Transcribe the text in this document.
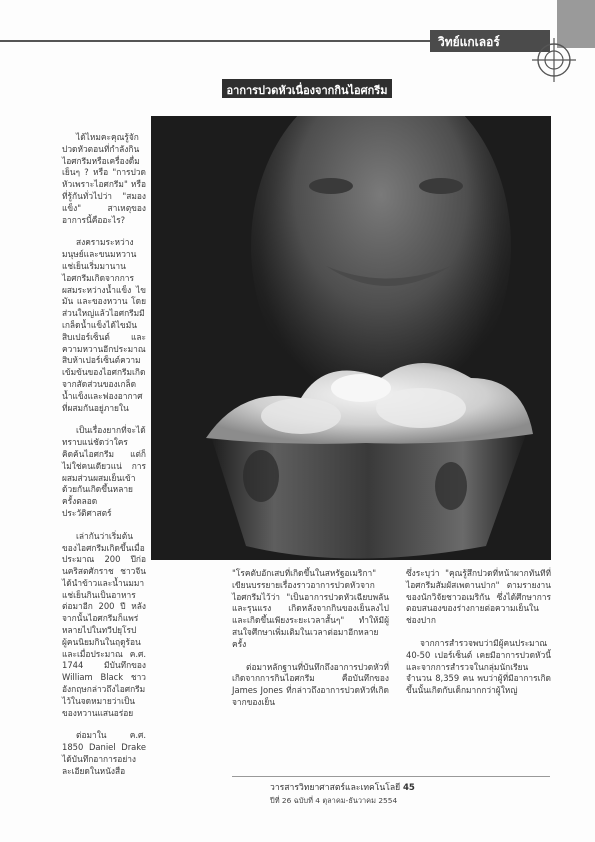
วิทย์แกเลอร์
อาการปวดหัวเนื่องจากกินไอศกรีม

ได้ไหมคะคุณรู้จักปวดหัวตอนที่กำลังกินไอศกรีมหรือเครื่องดื่มเย็นๆ ? หรือ "การปวดหัวเพราะไอศกรีม" หรือที่รู้กันทั่วไปว่า "สมองแข็ง" สาเหตุของอาการนี้คืออะไร?

สงครามระหว่างมนุษย์และขนมหวานแช่เย็นเริ่มมานาน ไอศกรีมเกิดจากการผสมระหว่างน้ำแข็ง ไขมัน และของหวาน โดยส่วนใหญ่แล้วไอศกรีมมีเกล็ดน้ำแข็งได้ไขมันสิบเปอร์เซ็นต์ และความหวานอีกประมาณสิบห้าเปอร์เซ็นต์ความเข้มข้นของไอศกรีมเกิดจากสัดส่วนของเกล็ดน้ำแข็งและฟองอากาศที่ผสมกันอยู่ภายใน

เป็นเรื่องยากที่จะได้ทราบแน่ชัดว่าใครคิดค้นไอศกรีม แต่ก็ไม่ใช่คนเดียวแน่ การผสมส่วนผสมเย็นเข้าด้วยกันเกิดขึ้นหลายครั้งตลอดประวัติศาสตร์

เล่ากันว่าเริ่มต้นของไอศกรีมเกิดขึ้นเมื่อประมาณ 200 ปีก่อนคริสตศักราช ชาวจีนได้นำข้าวและน้ำนมมาแช่เย็นกินเป็นอาหาร ต่อมาอีก 200 ปี หลังจากนั้นไอศกรีมก็แพร่หลายไปในทวีปยุโรป ผู้คนนิยมกินในฤดูร้อน และเมื่อประมาณ ค.ศ. 1744 มีบันทึกของ William Black ชาวอังกฤษกล่าวถึงไอศกรีมไว้ในจดหมายว่าเป็นของหวานแสนอร่อย

ต่อมาใน ค.ศ. 1850 Daniel Drake ได้บันทึกอาการอย่างละเอียดในหนังสือ

"โรคตับอักเสบที่เกิดขึ้นในสหรัฐอเมริกา" เขียนบรรยายเรื่องราวอาการปวดหัวจากไอศกรีมไว้ว่า "เป็นอาการปวดหัวเฉียบพลันและรุนแรง เกิดหลังจากกินของเย็นลงไป และเกิดขึ้นเพียงระยะเวลาสั้นๆ" ทำให้มีผู้สนใจศึกษาเพิ่มเติมในเวลาต่อมาอีกหลายครั้ง

ต่อมาหลักฐานที่บันทึกถึงอาการปวดหัวที่เกิดจากการกินไอศกรีม คือบันทึกของ James Jones ที่กล่าวถึงอาการปวดหัวที่เกิดจากของเย็น

ซึ่งระบุว่า "คุณรู้สึกปวดที่หน้าผากทันทีที่ไอศกรีมสัมผัสเพดานปาก" ตามรายงานของนักวิจัยชาวอเมริกัน ซึ่งได้ศึกษาการตอบสนองของร่างกายต่อความเย็นในช่องปาก

จากการสำรวจพบว่ามีผู้คนประมาณ 40-50 เปอร์เซ็นต์ เคยมีอาการปวดหัวนี้ และจากการสำรวจในกลุ่มนักเรียน จำนวน 8,359 คน พบว่าผู้ที่มีอาการเกิดขึ้นนั้นเกิดกับเด็กมากกว่าผู้ใหญ่

วารสารวิทยาศาสตร์และเทคโนโลยี 45
ปีที่ 26 ฉบับที่ 4 ตุลาคม-ธันวาคม 2554
